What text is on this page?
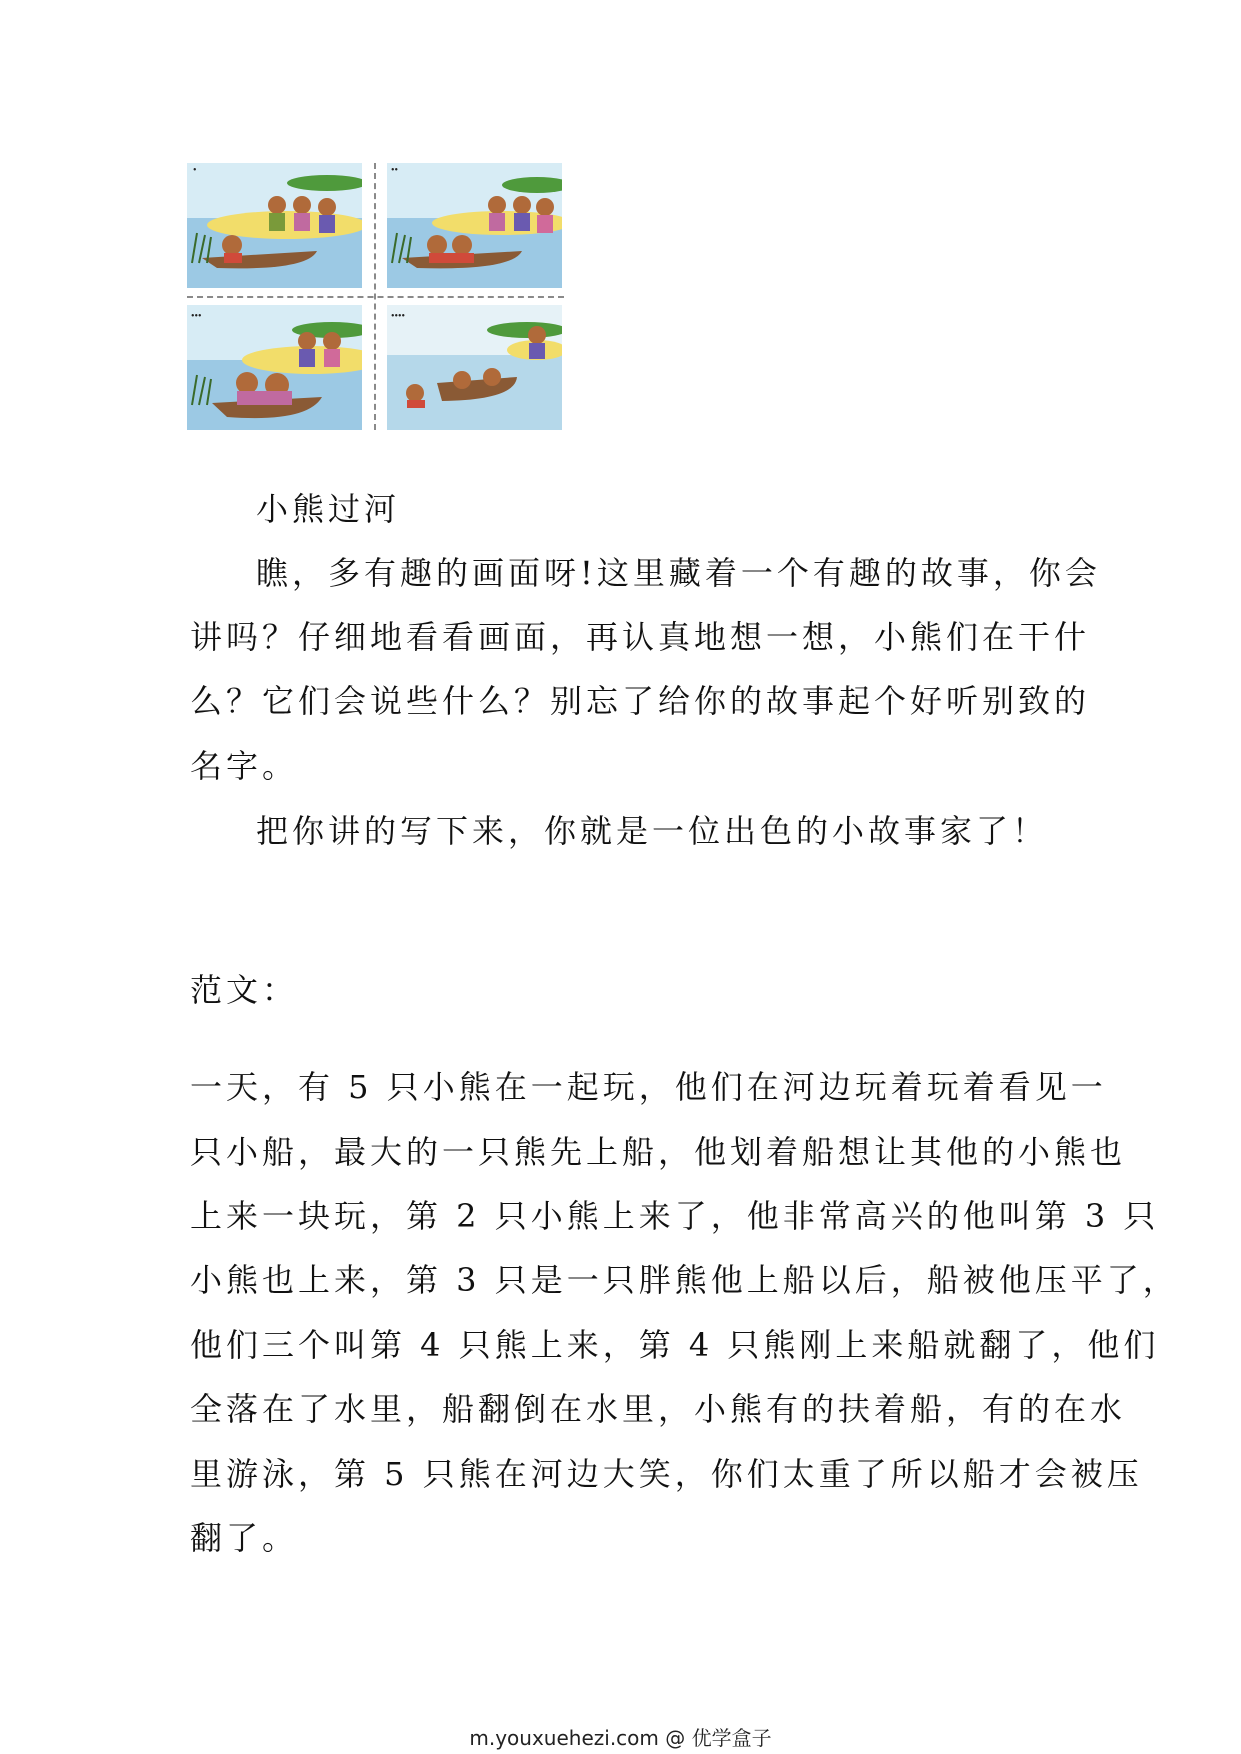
•	••
•••	••••
小熊过河
瞧，多有趣的画面呀!这里藏着一个有趣的故事，你会
讲吗？仔细地看看画面，再认真地想一想，小熊们在干什
么？它们会说些什么？别忘了给你的故事起个好听别致的
名字。
把你讲的写下来，你就是一位出色的小故事家了！
范文：
一天，有 5 只小熊在一起玩，他们在河边玩着玩着看见一
只小船，最大的一只熊先上船，他划着船想让其他的小熊也
上来一块玩，第 2 只小熊上来了，他非常高兴的他叫第 3 只
小熊也上来，第 3 只是一只胖熊他上船以后，船被他压平了，
他们三个叫第 4 只熊上来，第 4 只熊刚上来船就翻了，他们
全落在了水里，船翻倒在水里，小熊有的扶着船，有的在水
里游泳，第 5 只熊在河边大笑，你们太重了所以船才会被压
翻了。
m.youxuehezi.com @ 优学盒子
